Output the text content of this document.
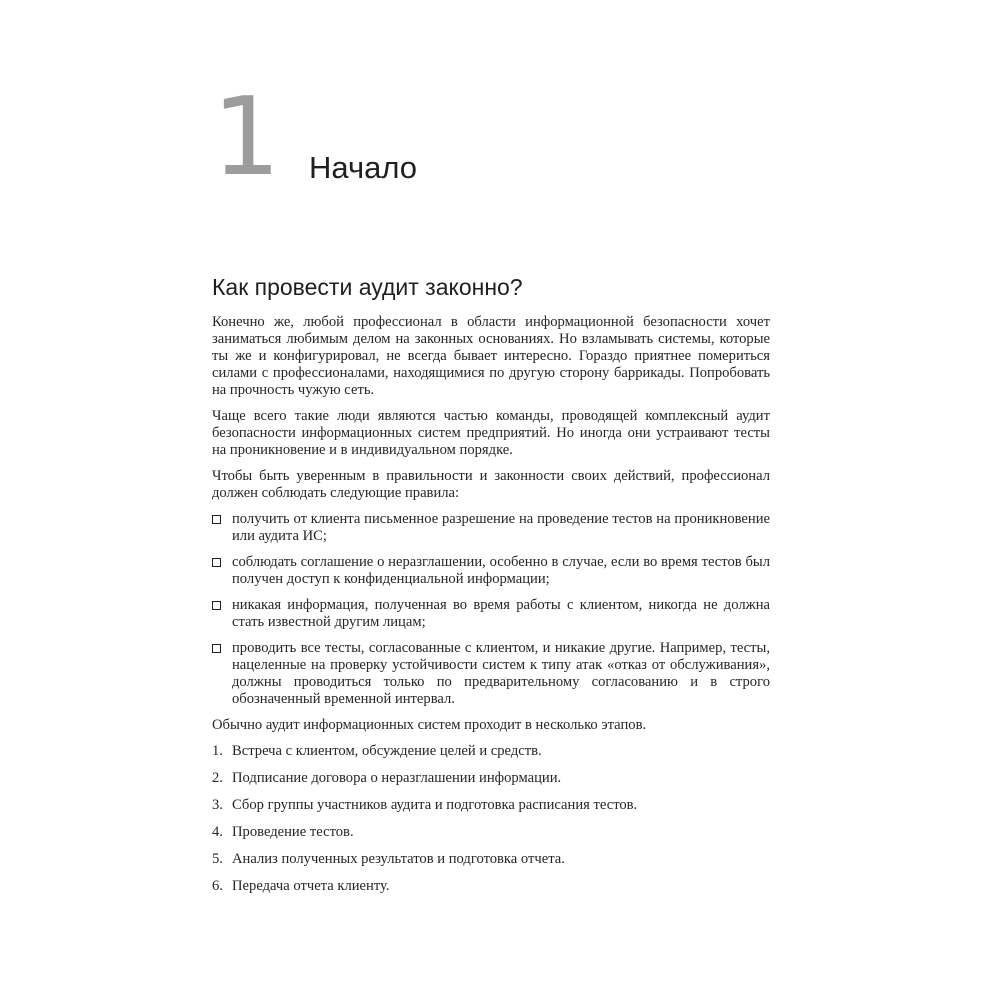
1 Начало
Как провести аудит законно?

Конечно же, любой профессионал в области информационной безопасности хочет заниматься любимым делом на законных основаниях. Но взламывать системы, которые ты же и конфигурировал, не всегда бывает интересно. Гораздо приятнее помериться силами с профессионалами, находящимися по другую сторону баррикады. Попробовать на прочность чужую сеть.

Чаще всего такие люди являются частью команды, проводящей комплексный аудит безопасности информационных систем предприятий. Но иногда они устраивают тесты на проникновение и в индивидуальном порядке.

Чтобы быть уверенным в правильности и законности своих действий, профессионал должен соблюдать следующие правила:

получить от клиента письменное разрешение на проведение тестов на проникновение или аудита ИС;
соблюдать соглашение о неразглашении, особенно в случае, если во время тестов был получен доступ к конфиденциальной информации;
никакая информация, полученная во время работы с клиентом, никогда не должна стать известной другим лицам;
проводить все тесты, согласованные с клиентом, и никакие другие. Например, тесты, нацеленные на проверку устойчивости систем к типу атак «отказ от обслуживания», должны проводиться только по предварительному согласованию и в строго обозначенный временной интервал.

Обычно аудит информационных систем проходит в несколько этапов.

1. Встреча с клиентом, обсуждение целей и средств.
2. Подписание договора о неразглашении информации.
3. Сбор группы участников аудита и подготовка расписания тестов.
4. Проведение тестов.
5. Анализ полученных результатов и подготовка отчета.
6. Передача отчета клиенту.
